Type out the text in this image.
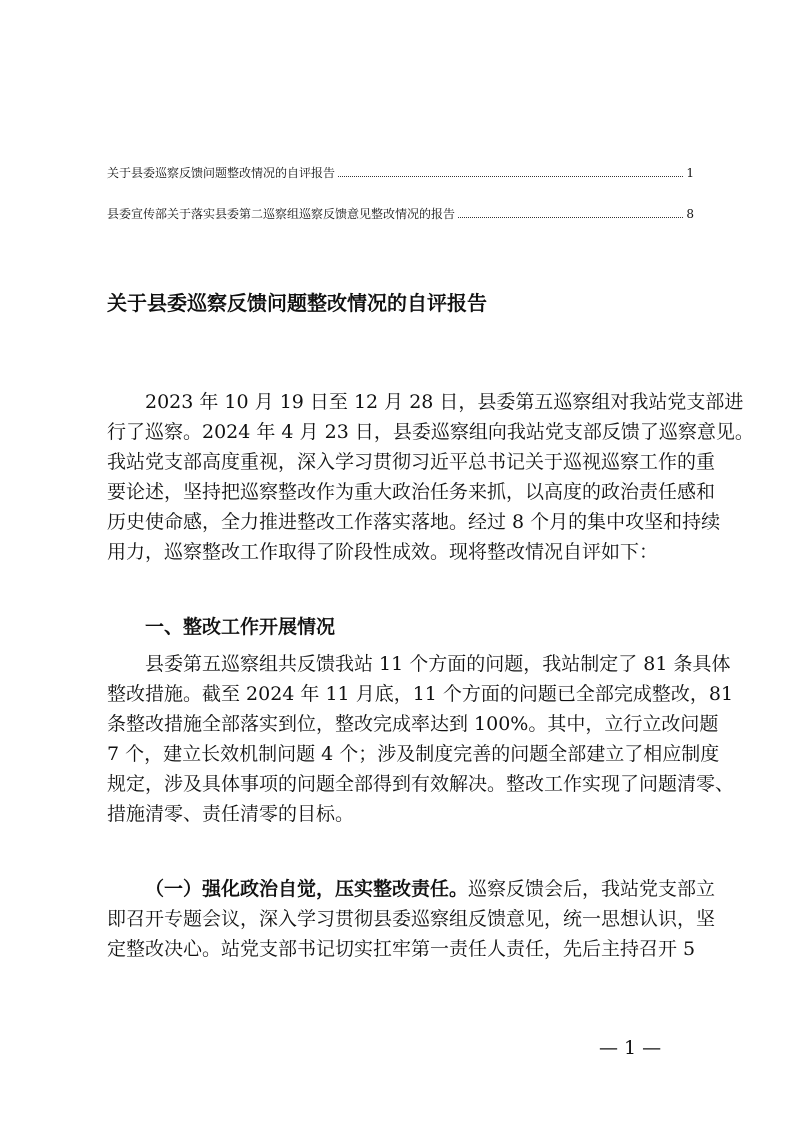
关于县委巡察反馈问题整改情况的自评报告	1
县委宣传部关于落实县委第二巡察组巡察反馈意见整改情况的报告	8
关于县委巡察反馈问题整改情况的自评报告
2023 年 10 月 19 日至 12 月 28 日，县委第五巡察组对我站党支部进
行了巡察。2024 年 4 月 23 日，县委巡察组向我站党支部反馈了巡察意见。
我站党支部高度重视，深入学习贯彻习近平总书记关于巡视巡察工作的重
要论述，坚持把巡察整改作为重大政治任务来抓，以高度的政治责任感和
历史使命感，全力推进整改工作落实落地。经过 8 个月的集中攻坚和持续
用力，巡察整改工作取得了阶段性成效。现将整改情况自评如下：
一、整改工作开展情况
县委第五巡察组共反馈我站 11 个方面的问题，我站制定了 81 条具体
整改措施。截至 2024 年 11 月底，11 个方面的问题已全部完成整改，81
条整改措施全部落实到位，整改完成率达到 100%。其中，立行立改问题
7 个，建立长效机制问题 4 个；涉及制度完善的问题全部建立了相应制度
规定，涉及具体事项的问题全部得到有效解决。整改工作实现了问题清零、
措施清零、责任清零的目标。
（一）强化政治自觉，压实整改责任。巡察反馈会后，我站党支部立
即召开专题会议，深入学习贯彻县委巡察组反馈意见，统一思想认识，坚
定整改决心。站党支部书记切实扛牢第一责任人责任，先后主持召开 5
— 1 —
